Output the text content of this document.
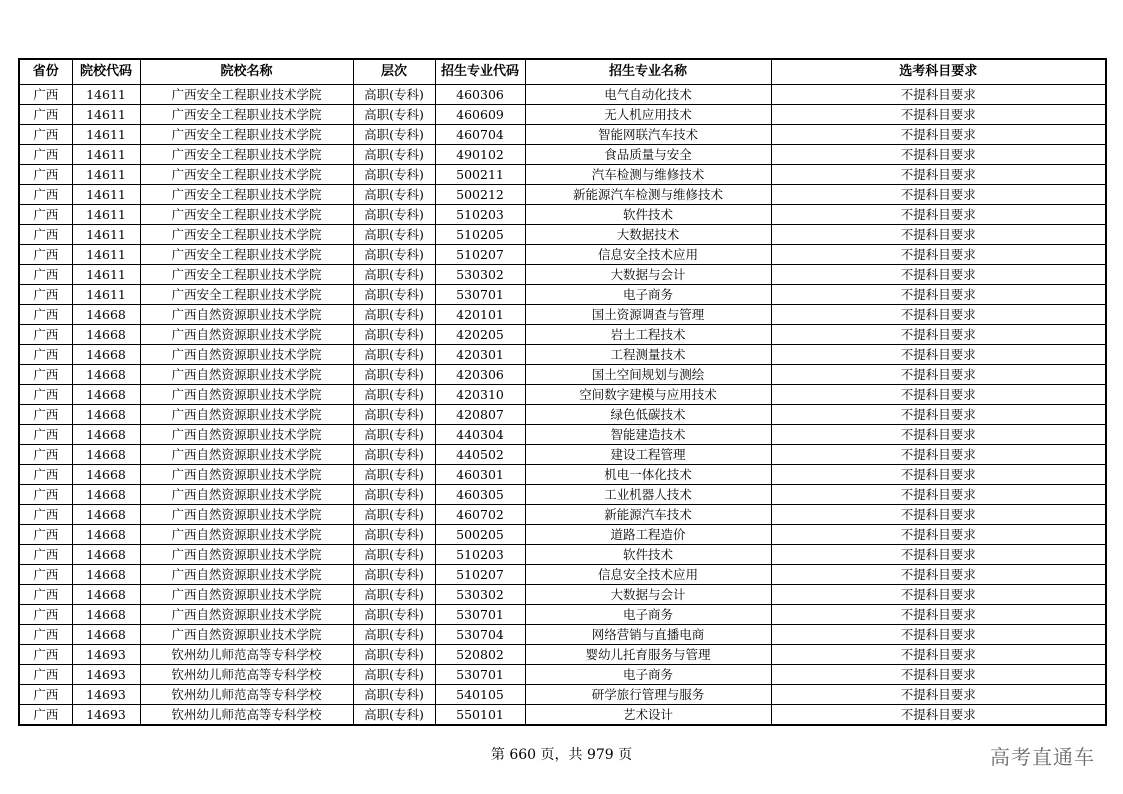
省份	院校代码	院校名称	层次	招生专业代码	招生专业名称	选考科目要求
广西	14611	广西安全工程职业技术学院	高职(专科)	460306	电气自动化技术	不提科目要求
广西	14611	广西安全工程职业技术学院	高职(专科)	460609	无人机应用技术	不提科目要求
广西	14611	广西安全工程职业技术学院	高职(专科)	460704	智能网联汽车技术	不提科目要求
广西	14611	广西安全工程职业技术学院	高职(专科)	490102	食品质量与安全	不提科目要求
广西	14611	广西安全工程职业技术学院	高职(专科)	500211	汽车检测与维修技术	不提科目要求
广西	14611	广西安全工程职业技术学院	高职(专科)	500212	新能源汽车检测与维修技术	不提科目要求
广西	14611	广西安全工程职业技术学院	高职(专科)	510203	软件技术	不提科目要求
广西	14611	广西安全工程职业技术学院	高职(专科)	510205	大数据技术	不提科目要求
广西	14611	广西安全工程职业技术学院	高职(专科)	510207	信息安全技术应用	不提科目要求
广西	14611	广西安全工程职业技术学院	高职(专科)	530302	大数据与会计	不提科目要求
广西	14611	广西安全工程职业技术学院	高职(专科)	530701	电子商务	不提科目要求
广西	14668	广西自然资源职业技术学院	高职(专科)	420101	国土资源调查与管理	不提科目要求
广西	14668	广西自然资源职业技术学院	高职(专科)	420205	岩土工程技术	不提科目要求
广西	14668	广西自然资源职业技术学院	高职(专科)	420301	工程测量技术	不提科目要求
广西	14668	广西自然资源职业技术学院	高职(专科)	420306	国土空间规划与测绘	不提科目要求
广西	14668	广西自然资源职业技术学院	高职(专科)	420310	空间数字建模与应用技术	不提科目要求
广西	14668	广西自然资源职业技术学院	高职(专科)	420807	绿色低碳技术	不提科目要求
广西	14668	广西自然资源职业技术学院	高职(专科)	440304	智能建造技术	不提科目要求
广西	14668	广西自然资源职业技术学院	高职(专科)	440502	建设工程管理	不提科目要求
广西	14668	广西自然资源职业技术学院	高职(专科)	460301	机电一体化技术	不提科目要求
广西	14668	广西自然资源职业技术学院	高职(专科)	460305	工业机器人技术	不提科目要求
广西	14668	广西自然资源职业技术学院	高职(专科)	460702	新能源汽车技术	不提科目要求
广西	14668	广西自然资源职业技术学院	高职(专科)	500205	道路工程造价	不提科目要求
广西	14668	广西自然资源职业技术学院	高职(专科)	510203	软件技术	不提科目要求
广西	14668	广西自然资源职业技术学院	高职(专科)	510207	信息安全技术应用	不提科目要求
广西	14668	广西自然资源职业技术学院	高职(专科)	530302	大数据与会计	不提科目要求
广西	14668	广西自然资源职业技术学院	高职(专科)	530701	电子商务	不提科目要求
广西	14668	广西自然资源职业技术学院	高职(专科)	530704	网络营销与直播电商	不提科目要求
广西	14693	钦州幼儿师范高等专科学校	高职(专科)	520802	婴幼儿托育服务与管理	不提科目要求
广西	14693	钦州幼儿师范高等专科学校	高职(专科)	530701	电子商务	不提科目要求
广西	14693	钦州幼儿师范高等专科学校	高职(专科)	540105	研学旅行管理与服务	不提科目要求
广西	14693	钦州幼儿师范高等专科学校	高职(专科)	550101	艺术设计	不提科目要求
第 660 页，共 979 页	高考直通车
